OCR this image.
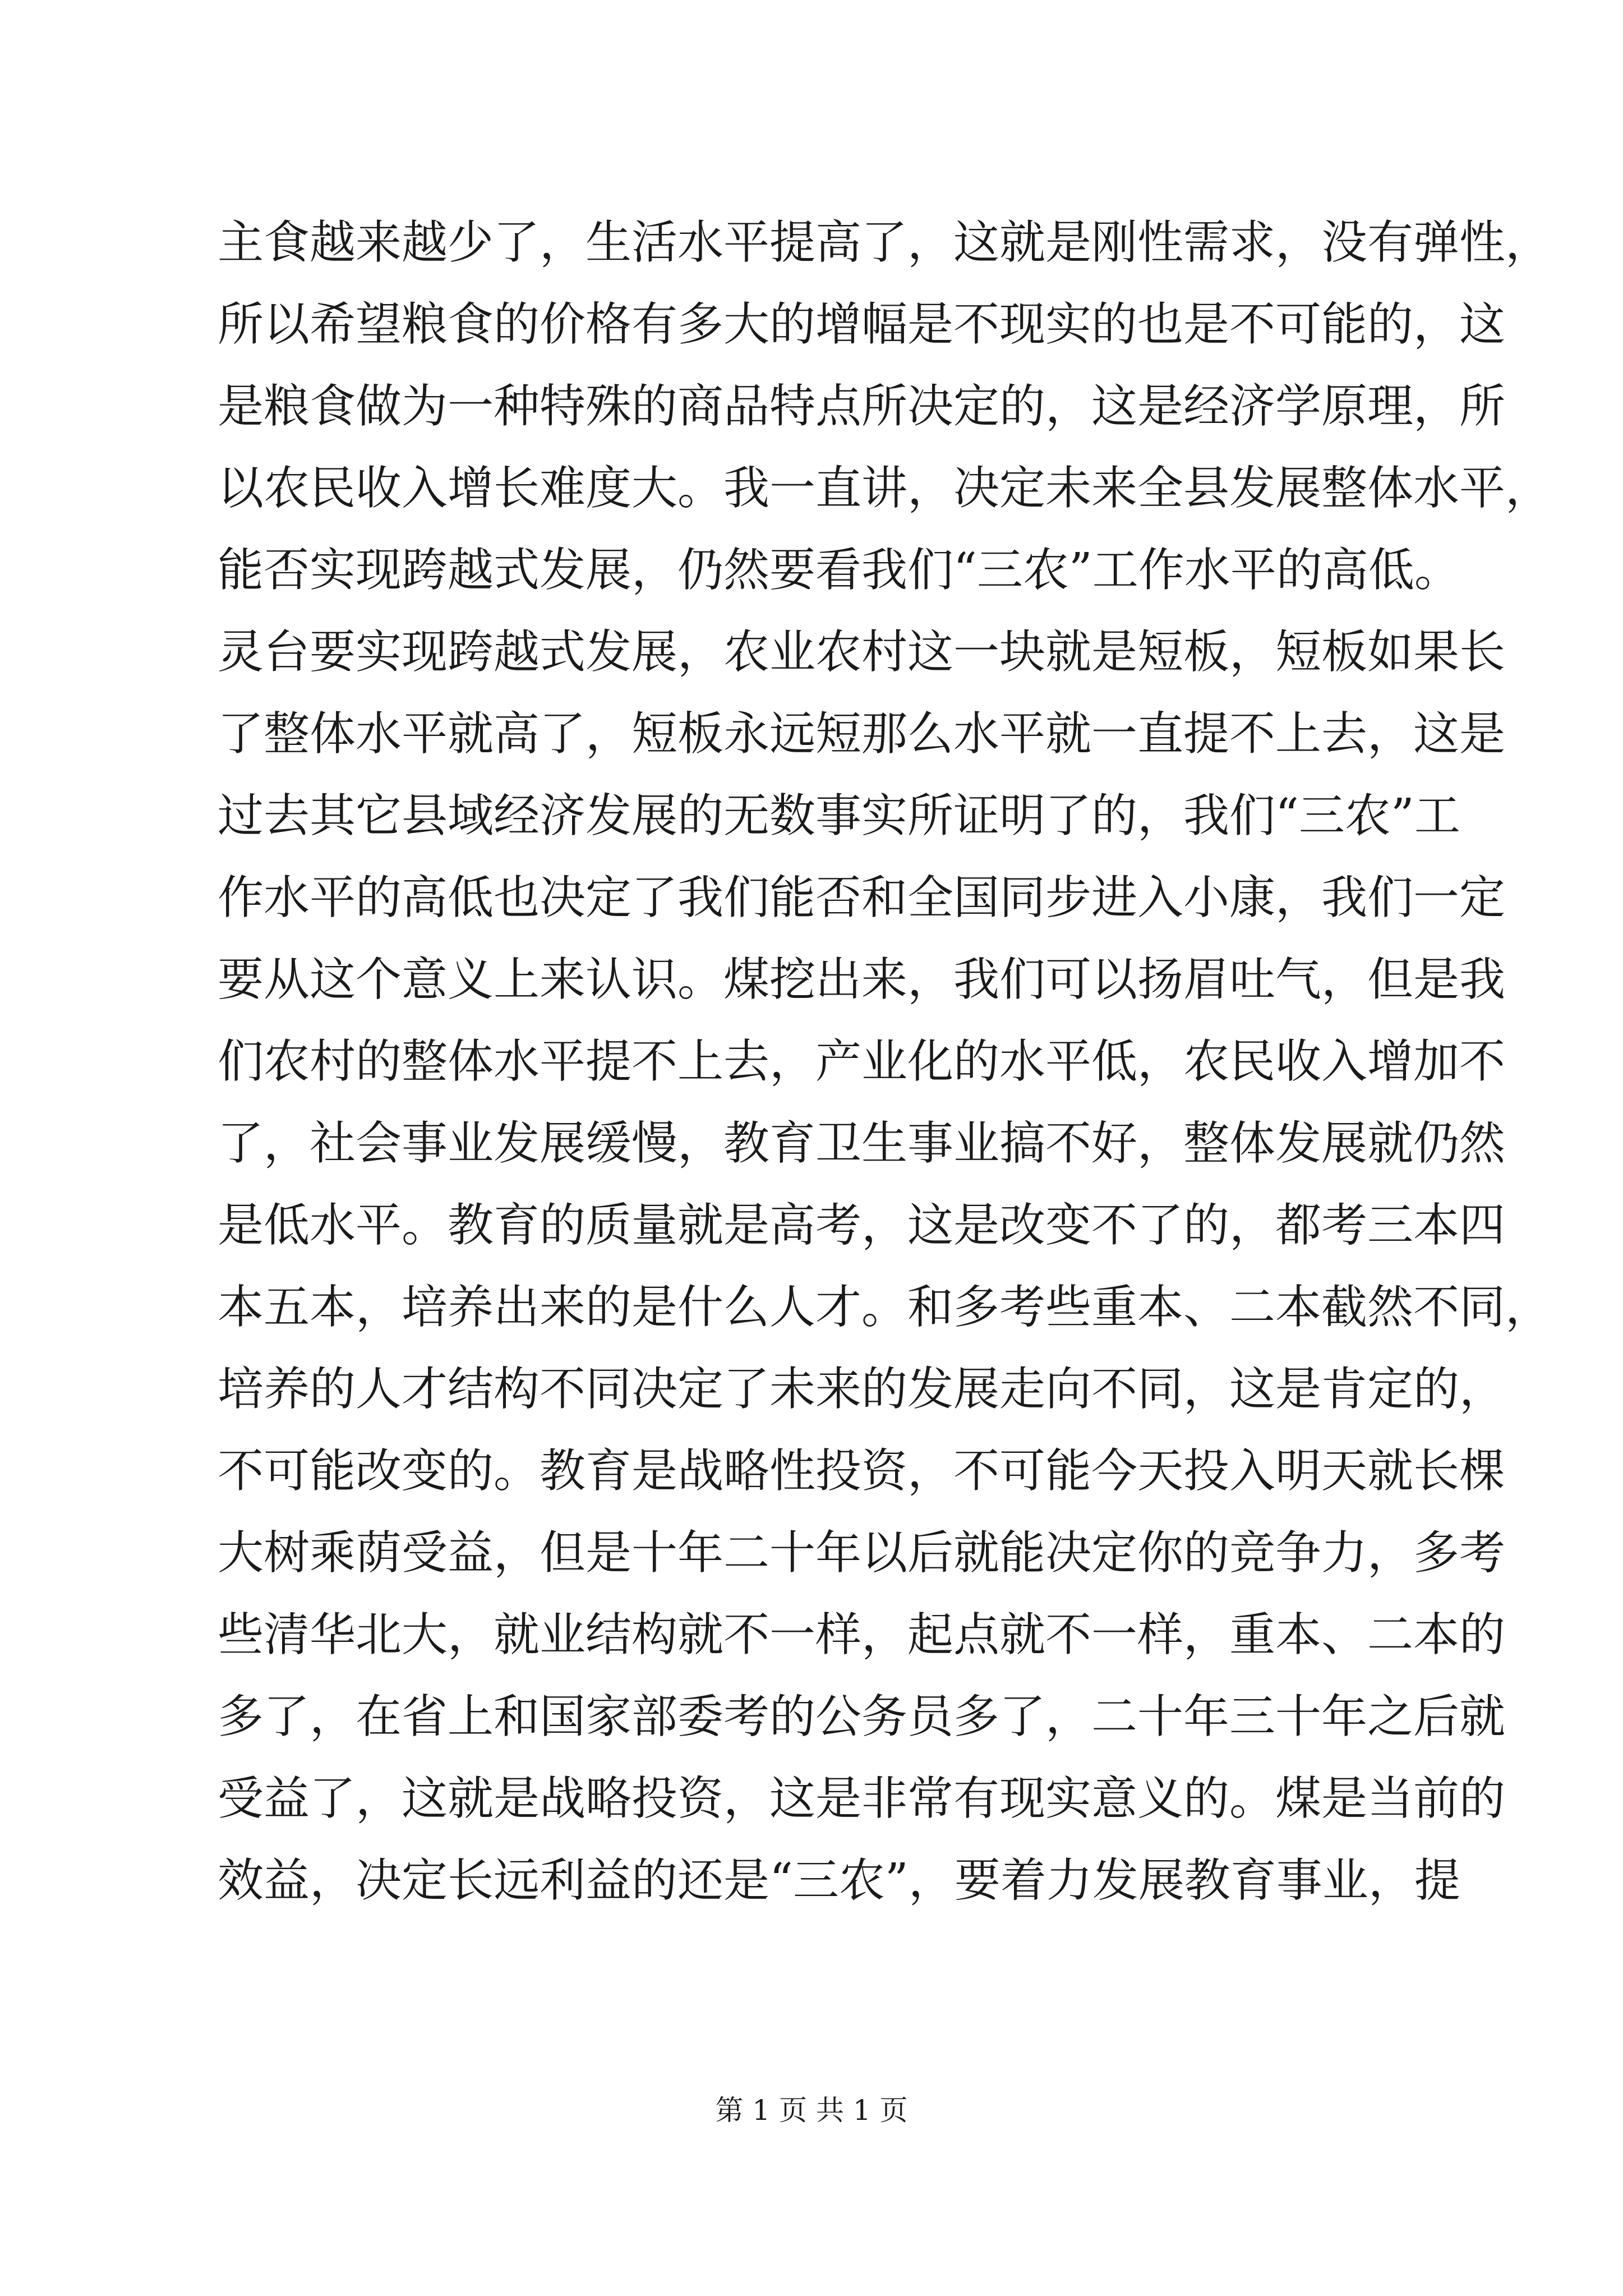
主食越来越少了，生活水平提高了，这就是刚性需求，没有弹性，
所以希望粮食的价格有多大的增幅是不现实的也是不可能的，这
是粮食做为一种特殊的商品特点所决定的，这是经济学原理，所
以农民收入增长难度大。我一直讲，决定未来全县发展整体水平，
能否实现跨越式发展，仍然要看我们“三农”工作水平的高低。
灵台要实现跨越式发展，农业农村这一块就是短板，短板如果长
了整体水平就高了，短板永远短那么水平就一直提不上去，这是
过去其它县域经济发展的无数事实所证明了的，我们“三农”工
作水平的高低也决定了我们能否和全国同步进入小康，我们一定
要从这个意义上来认识。煤挖出来，我们可以扬眉吐气，但是我
们农村的整体水平提不上去，产业化的水平低，农民收入增加不
了，社会事业发展缓慢，教育卫生事业搞不好，整体发展就仍然
是低水平。教育的质量就是高考，这是改变不了的，都考三本四
本五本，培养出来的是什么人才。和多考些重本、二本截然不同，
培养的人才结构不同决定了未来的发展走向不同，这是肯定的，
不可能改变的。教育是战略性投资，不可能今天投入明天就长棵
大树乘荫受益，但是十年二十年以后就能决定你的竞争力，多考
些清华北大，就业结构就不一样，起点就不一样，重本、二本的
多了，在省上和国家部委考的公务员多了，二十年三十年之后就
受益了，这就是战略投资，这是非常有现实意义的。煤是当前的
效益，决定长远利益的还是“三农”，要着力发展教育事业，提
第 1 页 共 1 页
